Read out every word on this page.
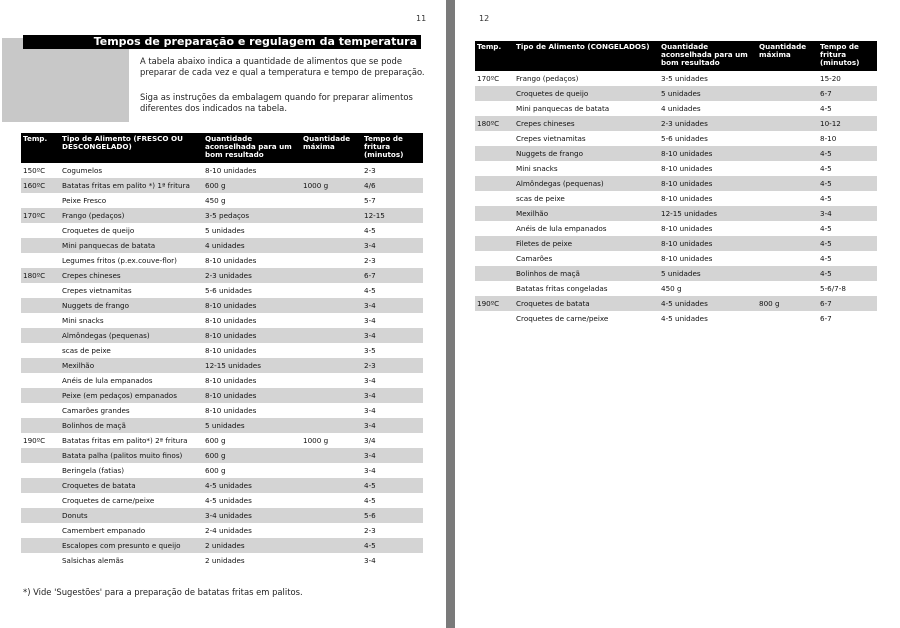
11
Tempos de preparação e regulagem da temperatura
A tabela abaixo indica a quantidade de alimentos que se pode preparar de cada vez e qual a temperatura e tempo de preparação.
Siga as instruções da embalagem quando for preparar alimentos diferentes dos indicados na tabela.
Temp.	Tipo de Alimento (FRESCO OU DESCONGELADO)	Quantidade aconselhada para um bom resultado	Quantidade máxima	Tempo de fritura (minutos)
150ºC	Cogumelos	8-10 unidades		2-3
160ºC	Batatas fritas em palito *) 1ª fritura	600 g	1000 g	4/6
	Peixe Fresco	450 g		5-7
170ºC	Frango (pedaços)	3-5 pedaços		12-15
	Croquetes de queijo	5 unidades		4-5
	Mini panquecas de batata	4 unidades		3-4
	Legumes fritos (p.ex.couve-flor)	8-10 unidades		2-3
180ºC	Crepes chineses	2-3 unidades		6-7
	Crepes vietnamitas	5-6 unidades		4-5
	Nuggets de frango	8-10 unidades		3-4
	Mini snacks	8-10 unidades		3-4
	Almôndegas (pequenas)	8-10 unidades		3-4
	scas de peixe	8-10 unidades		3-5
	Mexilhão	12-15 unidades		2-3
	Anéis de lula empanados	8-10 unidades		3-4
	Peixe (em pedaços) empanados	8-10 unidades		3-4
	Camarões grandes	8-10 unidades		3-4
	Bolinhos de maçã	5 unidades		3-4
190ºC	Batatas fritas em palito*) 2ª fritura	600 g	1000 g	3/4
	Batata palha (palitos muito finos)	600 g		3-4
	Beringela (fatias)	600 g		3-4
	Croquetes de batata	4-5 unidades		4-5
	Croquetes de carne/peixe	4-5 unidades		4-5
	Donuts	3-4 unidades		5-6
	Camembert empanado	2-4 unidades		2-3
	Escalopes com presunto e queijo	2 unidades		4-5
	Salsichas alemãs	2 unidades		3-4
*) Vide 'Sugestões' para a preparação de batatas fritas em palitos.
12
Temp.	Tipo de Alimento (CONGELADOS)	Quantidade aconselhada para um bom resultado	Quantidade máxima	Tempo de fritura (minutos)
170ºC	Frango (pedaços)	3-5 unidades		15-20
	Croquetes de queijo	5 unidades		6-7
	Mini panquecas de batata	4 unidades		4-5
180ºC	Crepes chineses	2-3 unidades		10-12
	Crepes vietnamitas	5-6 unidades		8-10
	Nuggets de frango	8-10 unidades		4-5
	Mini snacks	8-10 unidades		4-5
	Almôndegas (pequenas)	8-10 unidades		4-5
	scas de peixe	8-10 unidades		4-5
	Mexilhão	12-15 unidades		3-4
	Anéis de lula empanados	8-10 unidades		4-5
	Filetes de peixe	8-10 unidades		4-5
	Camarões	8-10 unidades		4-5
	Bolinhos de maçã	5 unidades		4-5
	Batatas fritas congeladas	450 g		5-6/7-8
190ºC	Croquetes de batata	4-5 unidades	800 g	6-7
	Croquetes de carne/peixe	4-5 unidades		6-7
